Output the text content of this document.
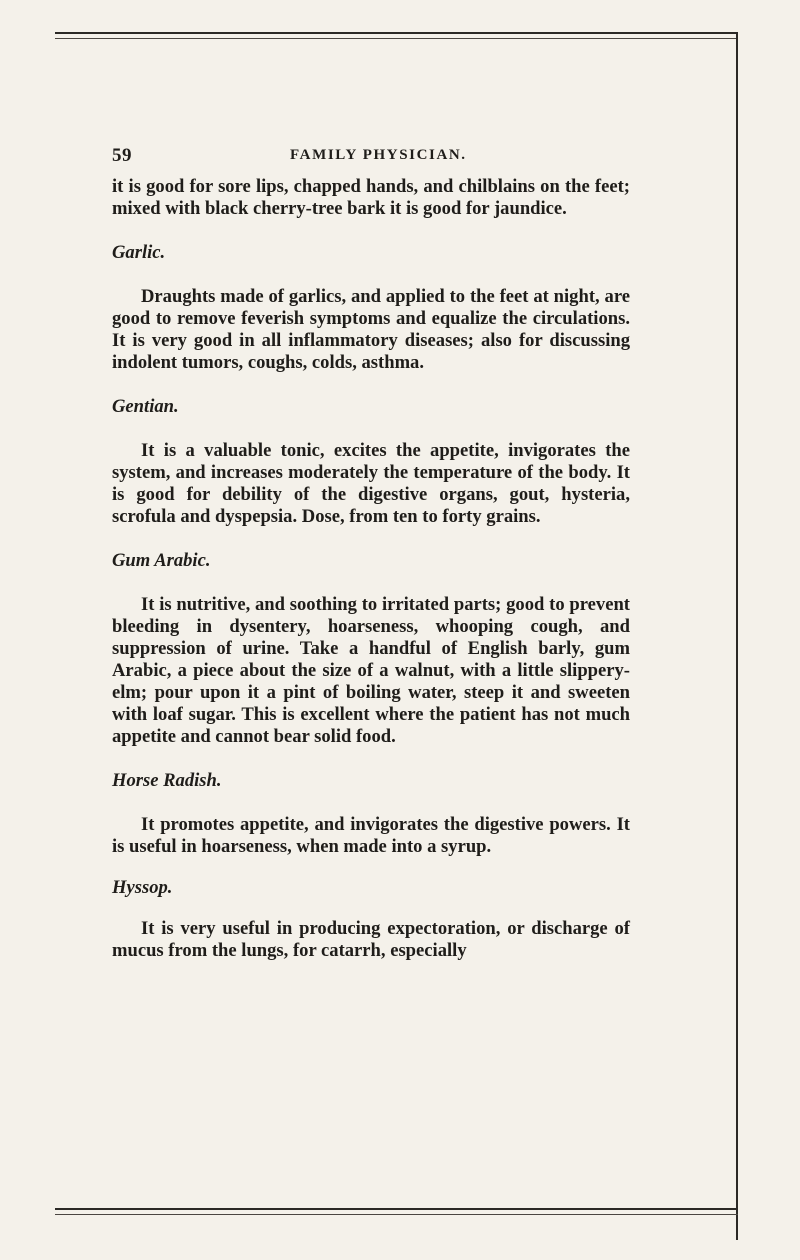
59	FAMILY PHYSICIAN.

it is good for sore lips, chapped hands, and chilblains on the feet; mixed with black cherry-tree bark it is good for jaundice.

Garlic.

Draughts made of garlics, and applied to the feet at night, are good to remove feverish symptoms and equalize the circulations. It is very good in all inflammatory diseases; also for discussing indolent tumors, coughs, colds, asthma.

Gentian.

It is a valuable tonic, excites the appetite, invigorates the system, and increases moderately the temperature of the body. It is good for debility of the digestive organs, gout, hysteria, scrofula and dyspepsia. Dose, from ten to forty grains.

Gum Arabic.

It is nutritive, and soothing to irritated parts; good to prevent bleeding in dysentery, hoarseness, whooping cough, and suppression of urine. Take a handful of English barly, gum Arabic, a piece about the size of a walnut, with a little slippery-elm; pour upon it a pint of boiling water, steep it and sweeten with loaf sugar. This is excellent where the patient has not much appetite and cannot bear solid food.

Horse Radish.

It promotes appetite, and invigorates the digestive powers. It is useful in hoarseness, when made into a syrup.

Hyssop.

It is very useful in producing expectoration, or discharge of mucus from the lungs, for catarrh, especially
